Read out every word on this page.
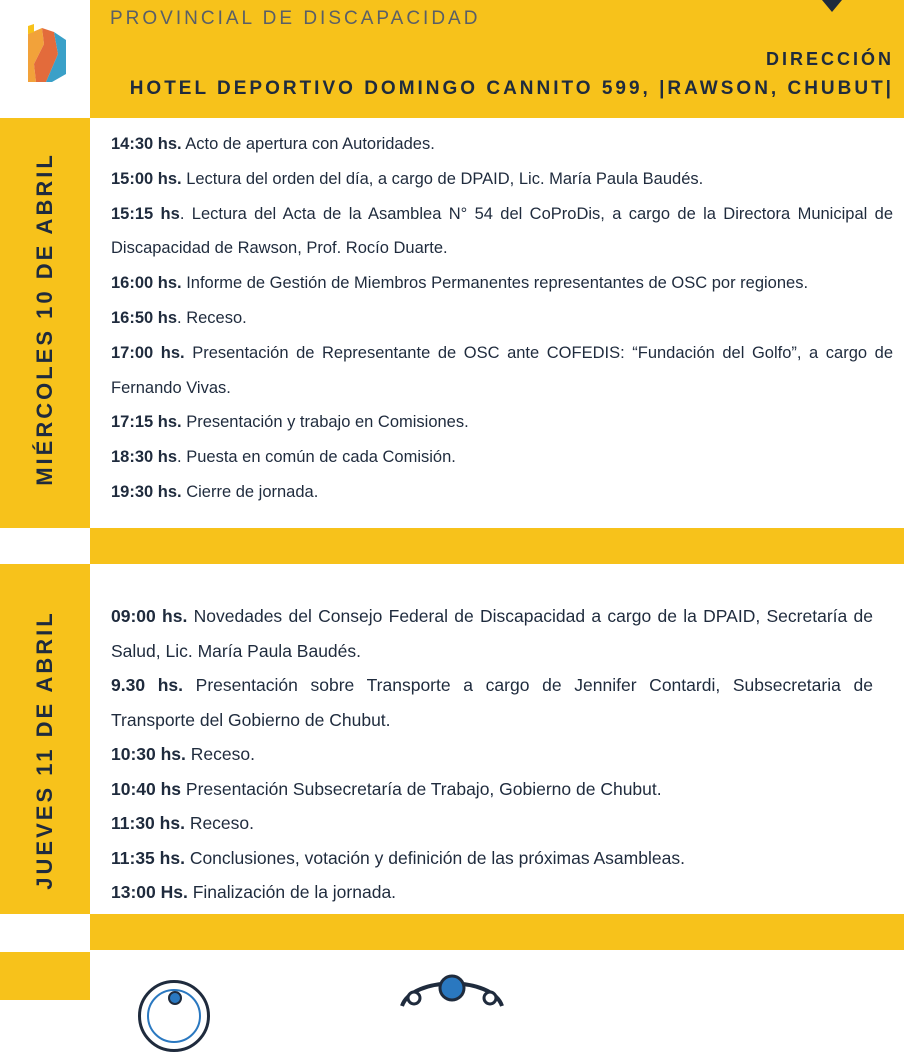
PROVINCIAL DE DISCAPACIDAD
DIRECCIÓN
HOTEL DEPORTIVO DOMINGO CANNITO 599, |RAWSON, CHUBUT|
MIÉRCOLES 10 DE ABRIL

14:30 hs. Acto de apertura con Autoridades.

15:00 hs. Lectura del orden del día, a cargo de DPAID, Lic. María Paula Baudés.

15:15 hs. Lectura del Acta de la Asamblea N° 54 del CoProDis, a cargo de la Directora Municipal de Discapacidad de Rawson, Prof. Rocío Duarte.

16:00 hs. Informe de Gestión de Miembros Permanentes representantes de OSC por regiones.

16:50 hs. Receso.

17:00 hs. Presentación de Representante de OSC ante COFEDIS: “Fundación del Golfo”, a cargo de Fernando Vivas.

17:15 hs. Presentación y trabajo en Comisiones.

18:30 hs. Puesta en común de cada Comisión.

19:30 hs. Cierre de jornada.

JUEVES 11 DE ABRIL	09:00 hs. Novedades del Consejo Federal de Discapacidad a cargo de la DPAID, Secretaría de Salud, Lic. María Paula Baudés.

9.30 hs. Presentación sobre Transporte a cargo de Jennifer Contardi, Subsecretaria de Transporte del Gobierno de Chubut.

10:30 hs. Receso.

10:40 hs Presentación Subsecretaría de Trabajo, Gobierno de Chubut.

11:30 hs. Receso.

11:35 hs. Conclusiones, votación y definición de las próximas Asambleas.

13:00 Hs. Finalización de la jornada.
